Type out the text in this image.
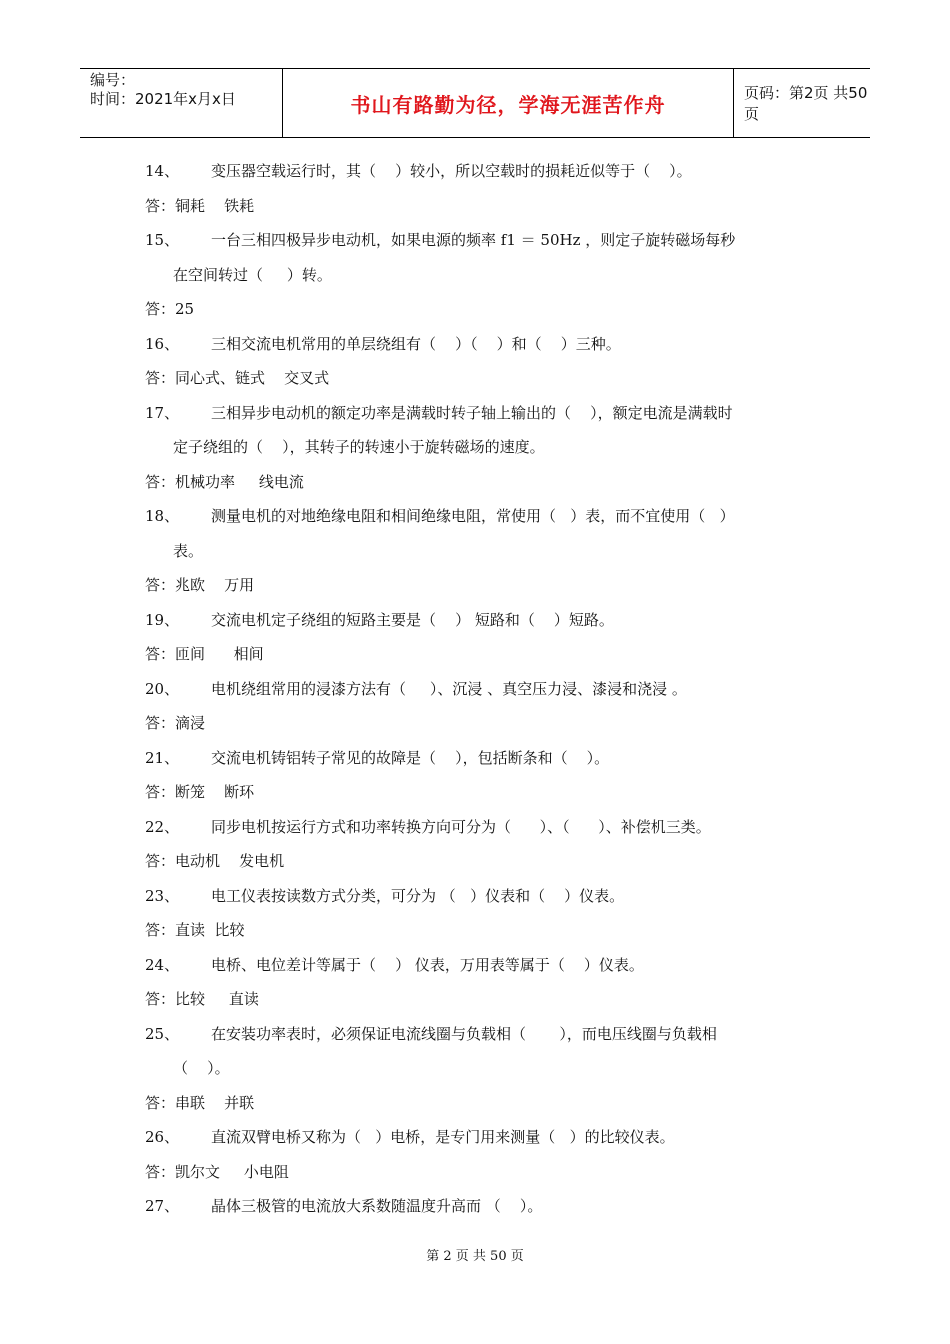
编号：
时间：2021年x月x日	书山有路勤为径，学海无涯苦作舟	页码：第2页 共50页
14、	变压器空载运行时，其（    ）较小，所以空载时的损耗近似等于（    ）。
答：铜耗    铁耗
15、	一台三相四极异步电动机，如果电源的频率 f1 ＝ 50Hz ，则定子旋转磁场每秒
在空间转过（     ）转。
答：25
16、	三相交流电机常用的单层绕组有（    ）（    ）和（    ）三种。
答：同心式、链式    交叉式
17、	三相异步电动机的额定功率是满载时转子轴上输出的（    ），额定电流是满载时
定子绕组的（    ），其转子的转速小于旋转磁场的速度。
答：机械功率     线电流
18、	测量电机的对地绝缘电阻和相间绝缘电阻，常使用（   ）表，而不宜使用（   ）
表。
答：兆欧    万用
19、	交流电机定子绕组的短路主要是（    ） 短路和（    ）短路。
答：匝间      相间
20、	电机绕组常用的浸漆方法有（     ）、沉浸 、真空压力浸、漆浸和浇浸 。
答：滴浸
21、	交流电机铸铝转子常见的故障是（    ），包括断条和（    ）。
答：断笼    断环
22、	同步电机按运行方式和功率转换方向可分为（      ）、（      ）、补偿机三类。
答：电动机    发电机
23、	电工仪表按读数方式分类，可分为 （   ）仪表和（    ）仪表。
答：直读  比较
24、	电桥、电位差计等属于（    ） 仪表，万用表等属于（    ）仪表。
答：比较     直读
25、	在安装功率表时，必须保证电流线圈与负载相（       ），而电压线圈与负载相
（    ）。
答：串联    并联
26、	直流双臂电桥又称为（   ）电桥，是专门用来测量（   ）的比较仪表。
答：凯尔文     小电阻
27、	晶体三极管的电流放大系数随温度升高而 （    ）。
第 2 页 共 50 页
